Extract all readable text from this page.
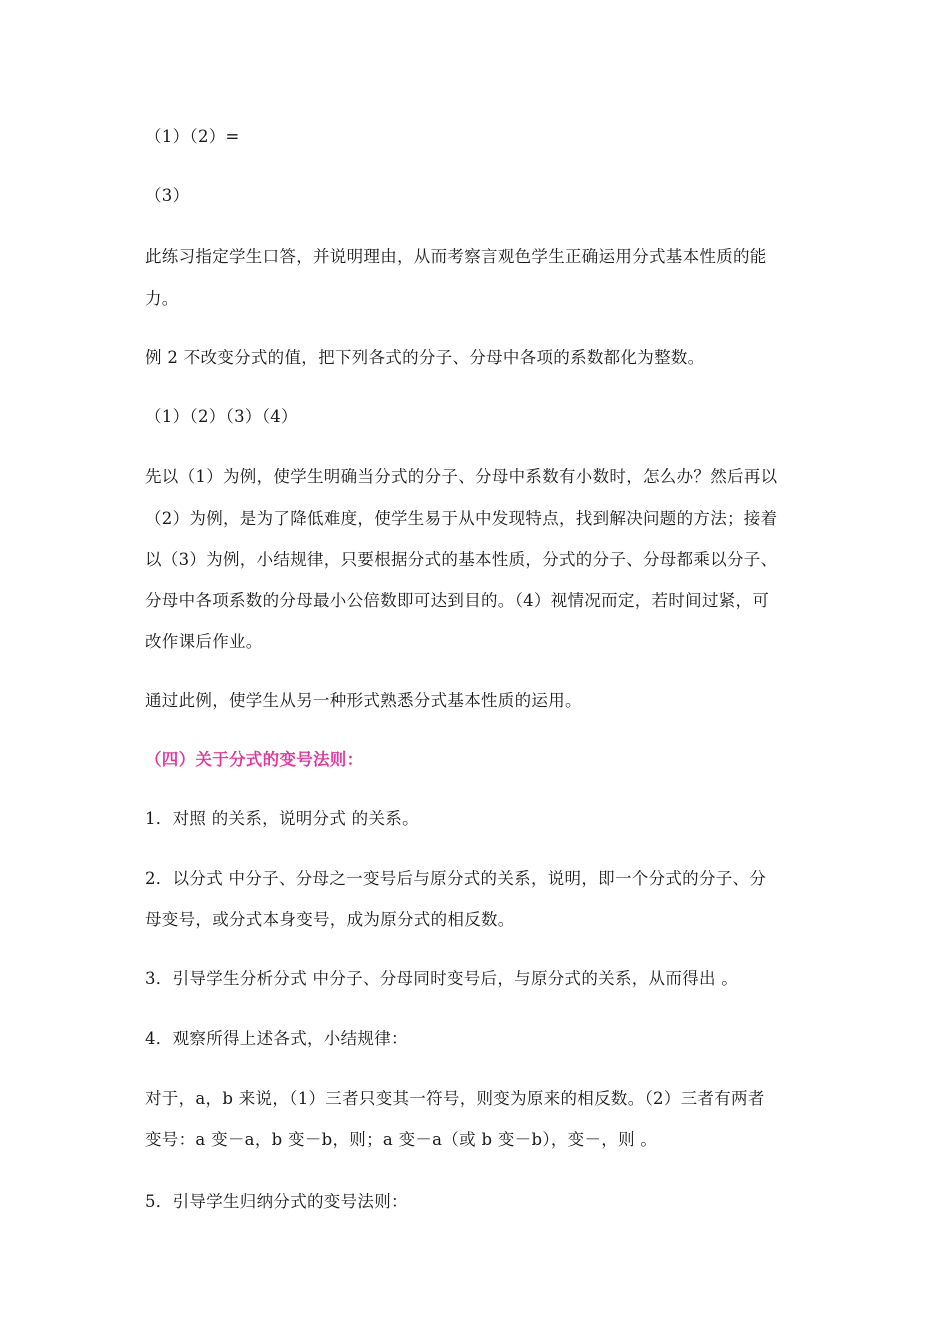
（1）（2）=
（3）
此练习指定学生口答，并说明理由，从而考察言观色学生正确运用分式基本性质的能
力。
例 2 不改变分式的值，把下列各式的分子、分母中各项的系数都化为整数。
（1）（2）（3）（4）
先以（1）为例，使学生明确当分式的分子、分母中系数有小数时，怎么办？然后再以
（2）为例，是为了降低难度，使学生易于从中发现特点，找到解决问题的方法；接着
以（3）为例，小结规律，只要根据分式的基本性质，分式的分子、分母都乘以分子、
分母中各项系数的分母最小公倍数即可达到目的。（4）视情况而定，若时间过紧，可
改作课后作业。
通过此例，使学生从另一种形式熟悉分式基本性质的运用。
（四）关于分式的变号法则：
1．对照 的关系，说明分式 的关系。
2．以分式 中分子、分母之一变号后与原分式的关系，说明，即一个分式的分子、分
母变号，或分式本身变号，成为原分式的相反数。
3．引导学生分析分式 中分子、分母同时变号后，与原分式的关系，从而得出 。
4．观察所得上述各式，小结规律：
对于，a，b 来说，（1）三者只变其一符号，则变为原来的相反数。（2）三者有两者
变号：a 变－a，b 变－b，则；a 变－a（或 b 变－b），变－，则 。
5．引导学生归纳分式的变号法则：
